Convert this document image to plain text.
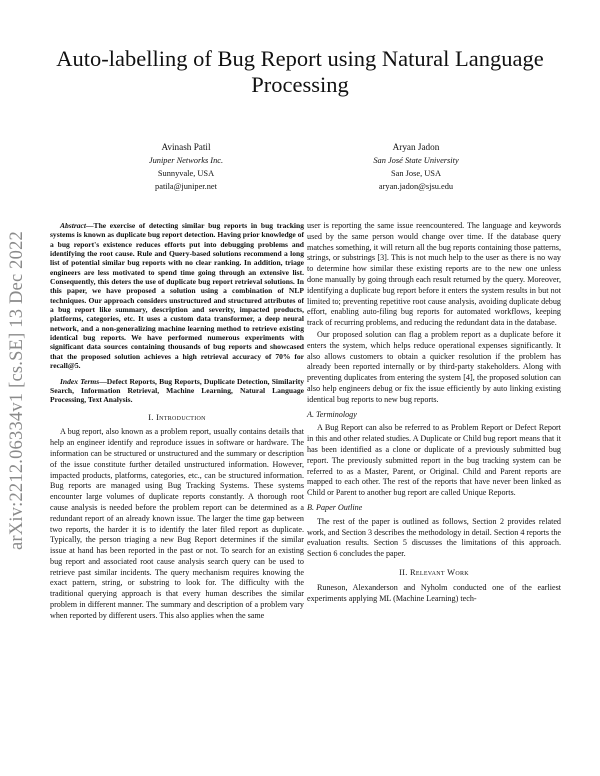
arXiv:2212.06334v1 [cs.SE] 13 Dec 2022
Auto-labelling of Bug Report using Natural Language Processing
Avinash Patil
Juniper Networks Inc.
Sunnyvale, USA
patila@juniper.net
Aryan Jadon
San José State University
San Jose, USA
aryan.jadon@sjsu.edu

Abstract—The exercise of detecting similar bug reports in bug tracking systems is known as duplicate bug report detection. Having prior knowledge of a bug report's existence reduces efforts put into debugging problems and identifying the root cause. Rule and Query-based solutions recommend a long list of potential similar bug reports with no clear ranking. In addition, triage engineers are less motivated to spend time going through an extensive list. Consequently, this deters the use of duplicate bug report retrieval solutions. In this paper, we have proposed a solution using a combination of NLP techniques. Our approach considers unstructured and structured attributes of a bug report like summary, description and severity, impacted products, platforms, categories, etc. It uses a custom data transformer, a deep neural network, and a non-generalizing machine learning method to retrieve existing identical bug reports. We have performed numerous experiments with significant data sources containing thousands of bug reports and showcased that the proposed solution achieves a high retrieval accuracy of 70% for recall@5.

Index Terms—Defect Reports, Bug Reports, Duplicate Detection, Similarity Search, Information Retrieval, Machine Learning, Natural Language Processing, Text Analysis.

I. Introduction

A bug report, also known as a problem report, usually contains details that help an engineer identify and reproduce issues in software or hardware. The information can be structured or unstructured and the summary or description of the issue constitute further detailed unstructured information. However, impacted products, platforms, categories, etc., can be structured information. Bug reports are managed using Bug Tracking Systems. These systems encounter large volumes of duplicate reports constantly. A thorough root cause analysis is needed before the problem report can be determined as a redundant report of an already known issue. The larger the time gap between two reports, the harder it is to identify the later filed report as duplicate. Typically, the person triaging a new Bug Report determines if the similar issue at hand has been reported in the past or not. To search for an existing bug report and associated root cause analysis search query can be used to retrieve past similar incidents. The query mechanism requires knowing the exact pattern, string, or substring to look for. The difficulty with the traditional querying approach is that every human describes the similar problem in different manner. The summary and description of a problem vary when reported by different users. This also applies when the same

user is reporting the same issue reencountered. The language and keywords used by the same person would change over time. If the database query matches something, it will return all the bug reports containing those patterns, strings, or substrings [3]. This is not much help to the user as there is no way to determine how similar these existing reports are to the new one unless done manually by going through each result returned by the query. Moreover, identifying a duplicate bug report before it enters the system results in but not limited to; preventing repetitive root cause analysis, avoiding duplicate debug effort, enabling auto-filing bug reports for automated workflows, keeping track of recurring problems, and reducing the redundant data in the database.

Our proposed solution can flag a problem report as a duplicate before it enters the system, which helps reduce operational expenses significantly. It also allows customers to obtain a quicker resolution if the problem has already been reported internally or by third-party stakeholders. Along with preventing duplicates from entering the system [4], the proposed solution can also help engineers debug or fix the issue efficiently by auto linking existing identical bug reports to new bug reports.

A. Terminology

A Bug Report can also be referred to as Problem Report or Defect Report in this and other related studies. A Duplicate or Child bug report means that it has been identified as a clone or duplicate of a previously submitted bug report. The previously submitted report in the bug tracking system can be referred to as a Master, Parent, or Original. Child and Parent reports are mapped to each other. The rest of the reports that have never been linked as Child or Parent to another bug report are called Unique Reports.

B. Paper Outline

The rest of the paper is outlined as follows, Section 2 provides related work, and Section 3 describes the methodology in detail. Section 4 reports the evaluation results. Section 5 discusses the limitations of this approach. Section 6 concludes the paper.

II. Relevant Work

Runeson, Alexanderson and Nyholm conducted one of the earliest experiments applying ML (Machine Learning) tech-
